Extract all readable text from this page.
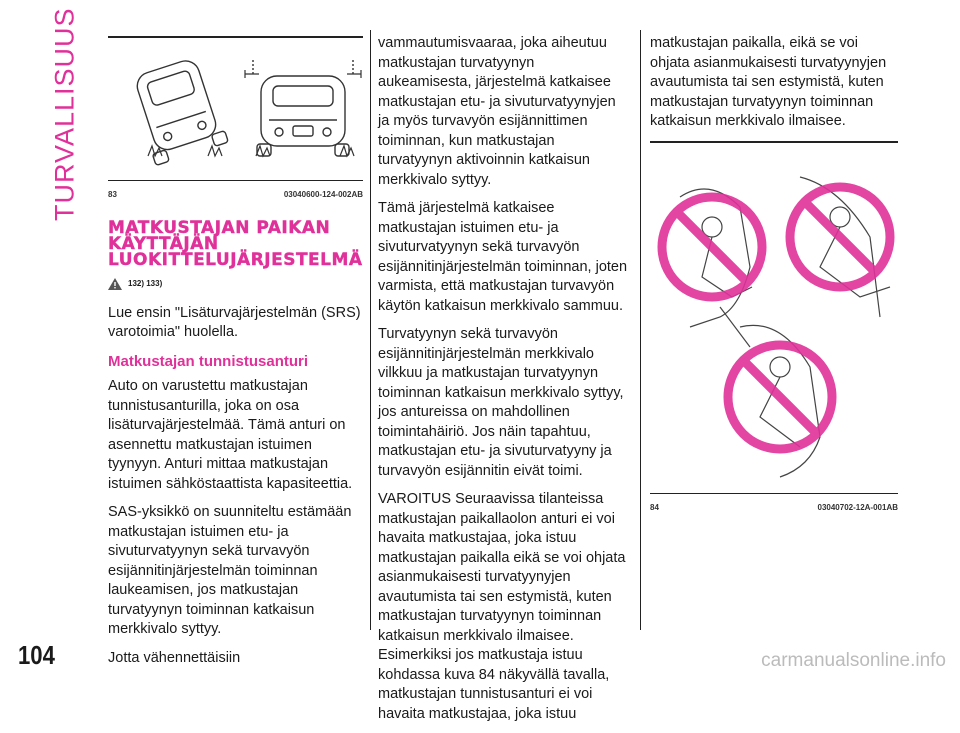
TURVALLISUUS
104
83	03040600-124-002AB
MATKUSTAJAN PAIKAN KÄYTTÄJÄN LUOKITTELUJÄRJESTELMÄ
132) 133)

Lue ensin "Lisäturvajärjestelmän (SRS) varotoimia" huolella.

Matkustajan tunnistusanturi

Auto on varustettu matkustajan tunnistusanturilla, joka on osa lisäturvajärjestelmää. Tämä anturi on asennettu matkustajan istuimen tyynyyn. Anturi mittaa matkustajan istuimen sähköstaattista kapasiteettia.

SAS-yksikkö on suunniteltu estämään matkustajan istuimen etu- ja sivuturvatyynyn sekä turvavyön esijännitinjärjestelmän toiminnan laukeamisen, jos matkustajan turvatyynyn toiminnan katkaisun merkkivalo syttyy.

Jotta vähennettäisiin

vammautumisvaaraa, joka aiheutuu matkustajan turvatyynyn aukeamisesta, järjestelmä katkaisee matkustajan etu- ja sivuturvatyynyjen ja myös turvavyön esijännittimen toiminnan, kun matkustajan turvatyynyn aktivoinnin katkaisun merkkivalo syttyy.

Tämä järjestelmä katkaisee matkustajan istuimen etu- ja sivuturvatyynyn sekä turvavyön esijännitinjärjestelmän toiminnan, joten varmista, että matkustajan turvavyön käytön katkaisun merkkivalo sammuu.

Turvatyynyn sekä turvavyön esijännitinjärjestelmän merkkivalo vilkkuu ja matkustajan turvatyynyn toiminnan katkaisun merkkivalo syttyy, jos antureissa on mahdollinen toimintahäiriö. Jos näin tapahtuu, matkustajan etu- ja sivuturvatyyny ja turvavyön esijännitin eivät toimi.

VAROITUS Seuraavissa tilanteissa matkustajan paikallaolon anturi ei voi havaita matkustajaa, joka istuu matkustajan paikalla eikä se voi ohjata asianmukaisesti turvatyynyjen avautumista tai sen estymistä, kuten matkustajan turvatyynyn toiminnan katkaisun merkkivalo ilmaisee. Esimerkiksi jos matkustaja istuu kohdassa kuva 84 näkyvällä tavalla, matkustajan tunnistusanturi ei voi havaita matkustajaa, joka istuu

matkustajan paikalla, eikä se voi ohjata asianmukaisesti turvatyynyjen avautumista tai sen estymistä, kuten matkustajan turvatyynyn toiminnan katkaisun merkkivalo ilmaisee.

84	03040702-12A-001AB
carmanualsonline.info
